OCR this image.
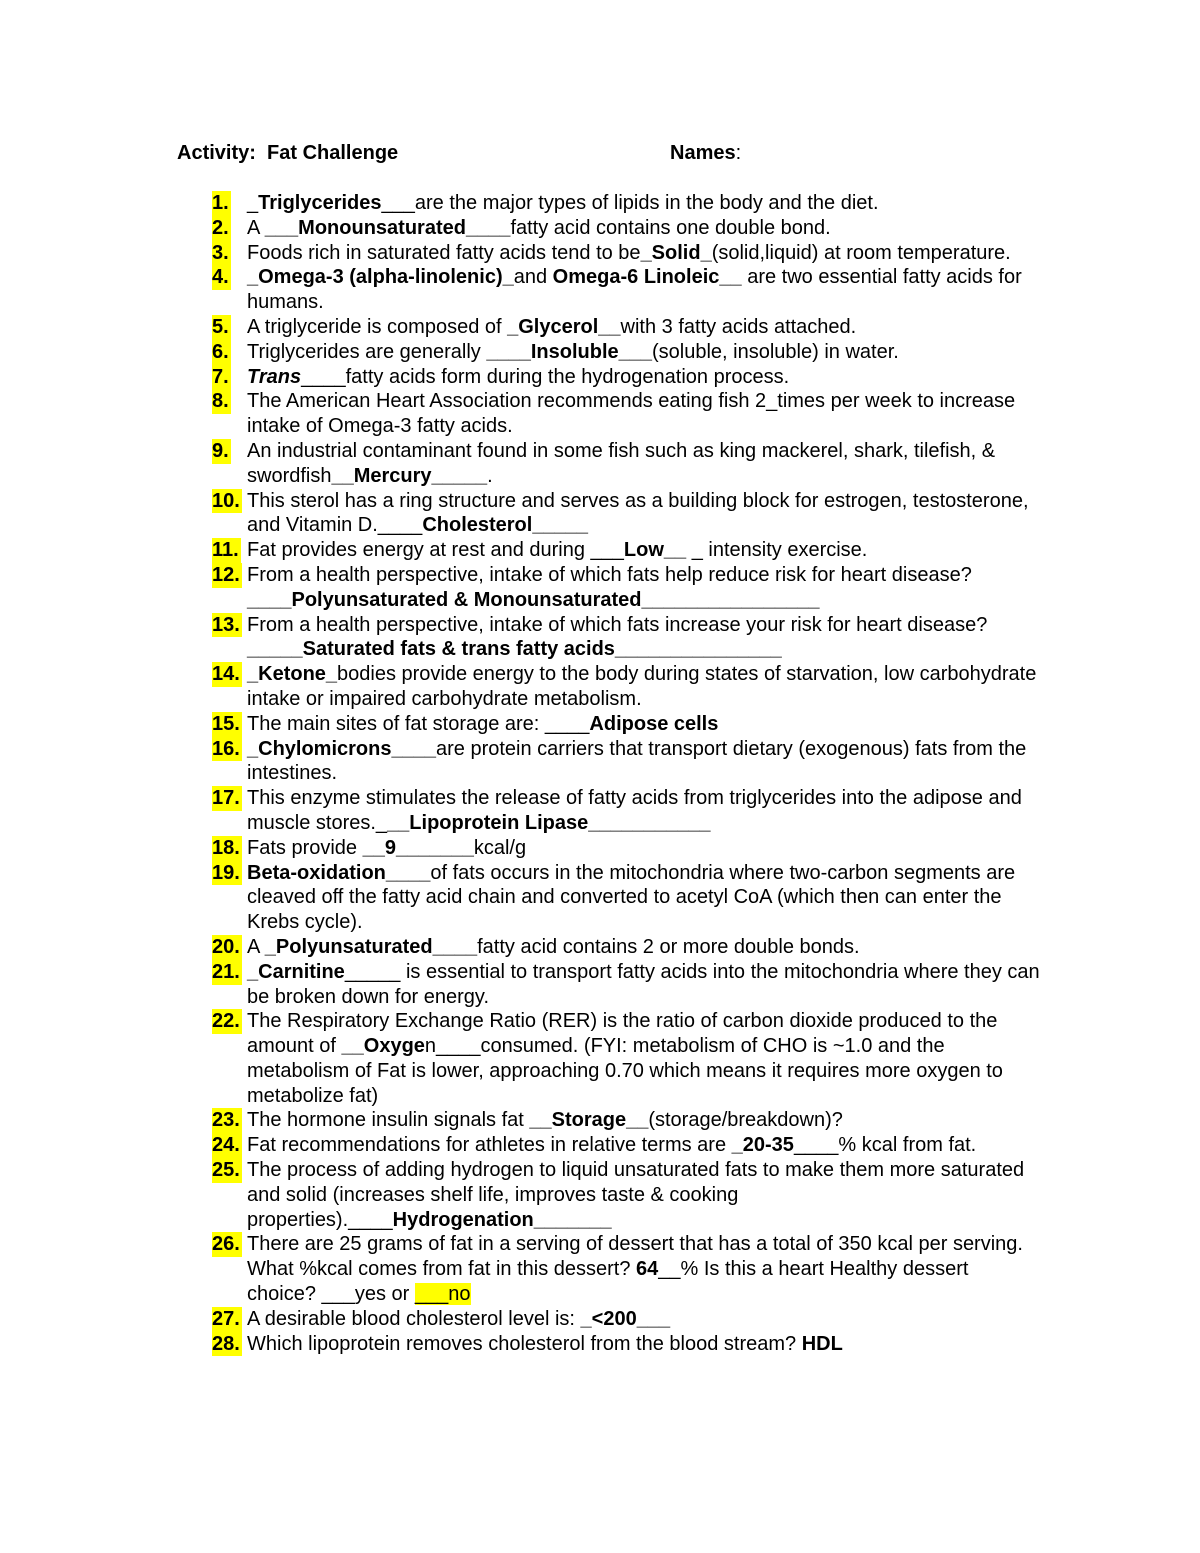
Activity:  Fat Challenge	Names:
1. _Triglycerides___are the major types of lipids in the body and the diet.
2. A ___Monounsaturated____fatty acid contains one double bond.
3. Foods rich in saturated fatty acids tend to be_Solid_(solid,liquid) at room temperature.
4. _Omega-3 (alpha-linolenic)_and Omega-6 Linoleic__ are two essential fatty acids for humans.
5. A triglyceride is composed of _Glycerol__with 3 fatty acids attached.
6. Triglycerides are generally ____Insoluble___(soluble, insoluble) in water.
7. Trans____fatty acids form during the hydrogenation process.
8. The American Heart Association recommends eating fish 2_times per week to increase intake of Omega-3 fatty acids.
9. An industrial contaminant found in some fish such as king mackerel, shark, tilefish, & swordfish__Mercury_____.
10. This sterol has a ring structure and serves as a building block for estrogen, testosterone, and Vitamin D.____Cholesterol_____
11. Fat provides energy at rest and during ___Low__ _ intensity exercise.
12. From a health perspective, intake of which fats help reduce risk for heart disease?____Polyunsaturated & Monounsaturated________________
13. From a health perspective, intake of which fats increase your risk for heart disease?_____Saturated fats & trans fatty acids_______________
14. _Ketone_bodies provide energy to the body during states of starvation, low carbohydrate intake or impaired carbohydrate metabolism.
15. The main sites of fat storage are: ____Adipose cells
16. _Chylomicrons____are protein carriers that transport dietary (exogenous) fats from the intestines.
17. This enzyme stimulates the release of fatty acids from triglycerides into the adipose and muscle stores.___Lipoprotein Lipase___________
18. Fats provide __9_______kcal/g
19. Beta-oxidation____of fats occurs in the mitochondria where two-carbon segments are cleaved off the fatty acid chain and converted to acetyl CoA (which then can enter the Krebs cycle).
20. A _Polyunsaturated____fatty acid contains 2 or more double bonds.
21. _Carnitine_____ is essential to transport fatty acids into the mitochondria where they can be broken down for energy.
22. The Respiratory Exchange Ratio (RER) is the ratio of carbon dioxide produced to the amount of __Oxygen____consumed. (FYI: metabolism of CHO is ~1.0 and the metabolism of Fat is lower, approaching 0.70 which means it requires more oxygen to metabolize fat)
23. The hormone insulin signals fat __Storage__(storage/breakdown)?
24. Fat recommendations for athletes in relative terms are _20-35____% kcal from fat.
25. The process of adding hydrogen to liquid unsaturated fats to make them more saturated and solid (increases shelf life, improves taste & cooking properties).____Hydrogenation_______
26. There are 25 grams of fat in a serving of dessert that has a total of 350 kcal per serving. What %kcal comes from fat in this dessert? 64__% Is this a heart Healthy dessert choice? ___yes or ___no
27. A desirable blood cholesterol level is: _<200___
28. Which lipoprotein removes cholesterol from the blood stream? HDL
